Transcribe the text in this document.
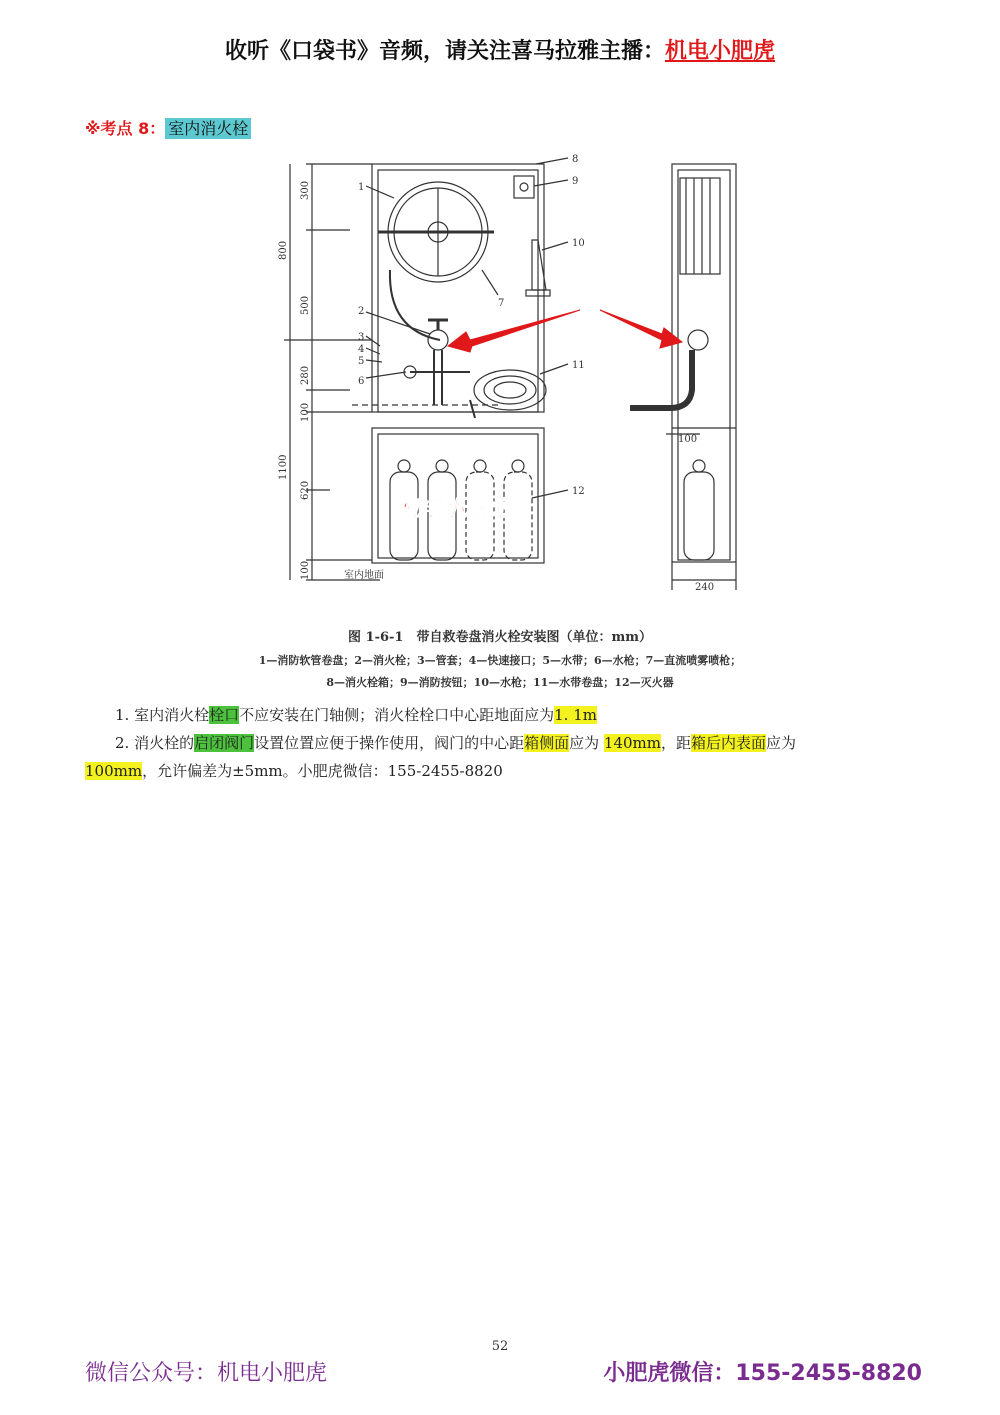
收听《口袋书》音频，请关注喜马拉雅主播：机电小肥虎
※考点 8： 室内消火栓
300
500
800
280
100
1100
620
100
100
240
室内地面
1
2
3
4
5
6
7
8
9
10
11
12
机电小肥虎
图 1-6-1　带自救卷盘消火栓安装图（单位：mm）
1—消防软管卷盘；2—消火栓；3—管套；4—快速接口；5—水带；6—水枪；7—直流喷雾喷枪；
8—消火栓箱；9—消防按钮；10—水枪；11—水带卷盘；12—灭火器
1. 室内消火栓栓口不应安装在门轴侧；消火栓栓口中心距地面应为1. 1m
2. 消火栓的启闭阀门设置位置应便于操作使用，阀门的中心距箱侧面应为 140mm，距箱后内表面应为
100mm，允许偏差为±5mm。小肥虎微信：155-2455-8820
52
微信公众号：机电小肥虎	小肥虎微信：155-2455-8820
